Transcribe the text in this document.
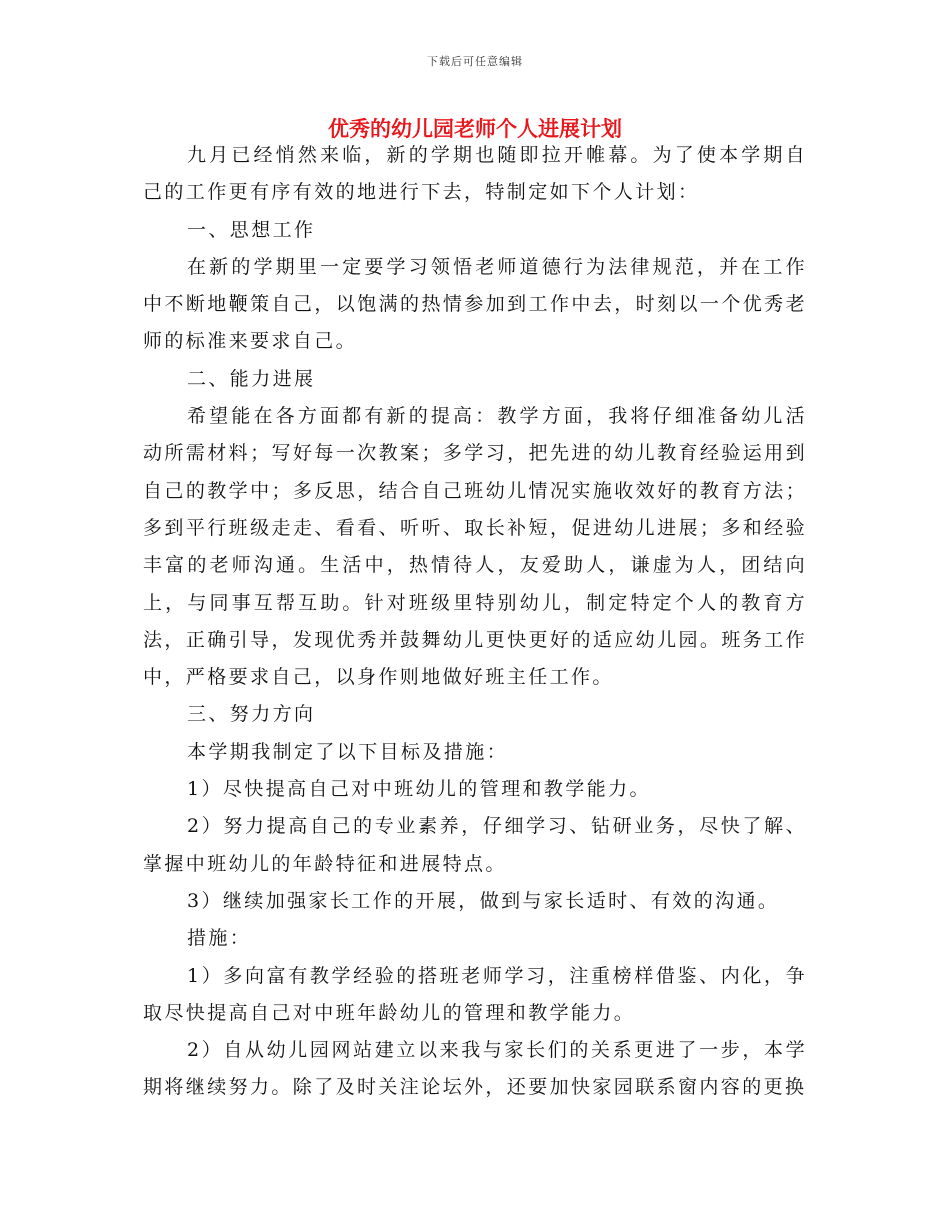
下载后可任意编辑
优秀的幼儿园老师个人进展计划

九月已经悄然来临，新的学期也随即拉开帷幕。为了使本学期自己的工作更有序有效的地进行下去，特制定如下个人计划：

一、思想工作

在新的学期里一定要学习领悟老师道德行为法律规范，并在工作中不断地鞭策自己，以饱满的热情参加到工作中去，时刻以一个优秀老师的标准来要求自己。

二、能力进展

希望能在各方面都有新的提高：教学方面，我将仔细准备幼儿活动所需材料；写好每一次教案；多学习，把先进的幼儿教育经验运用到自己的教学中；多反思，结合自己班幼儿情况实施收效好的教育方法；多到平行班级走走、看看、听听、取长补短，促进幼儿进展；多和经验丰富的老师沟通。生活中，热情待人，友爱助人，谦虚为人，团结向上，与同事互帮互助。针对班级里特别幼儿，制定特定个人的教育方法，正确引导，发现优秀并鼓舞幼儿更快更好的适应幼儿园。班务工作中，严格要求自己，以身作则地做好班主任工作。

三、努力方向

本学期我制定了以下目标及措施：

1）尽快提高自己对中班幼儿的管理和教学能力。

2）努力提高自己的专业素养，仔细学习、钻研业务，尽快了解、掌握中班幼儿的年龄特征和进展特点。

3）继续加强家长工作的开展，做到与家长适时、有效的沟通。

措施：

1）多向富有教学经验的搭班老师学习，注重榜样借鉴、内化，争取尽快提高自己对中班年龄幼儿的管理和教学能力。

2）自从幼儿园网站建立以来我与家长们的关系更进了一步，本学期将继续努力。除了及时关注论坛外，还要加快家园联系窗内容的更换
